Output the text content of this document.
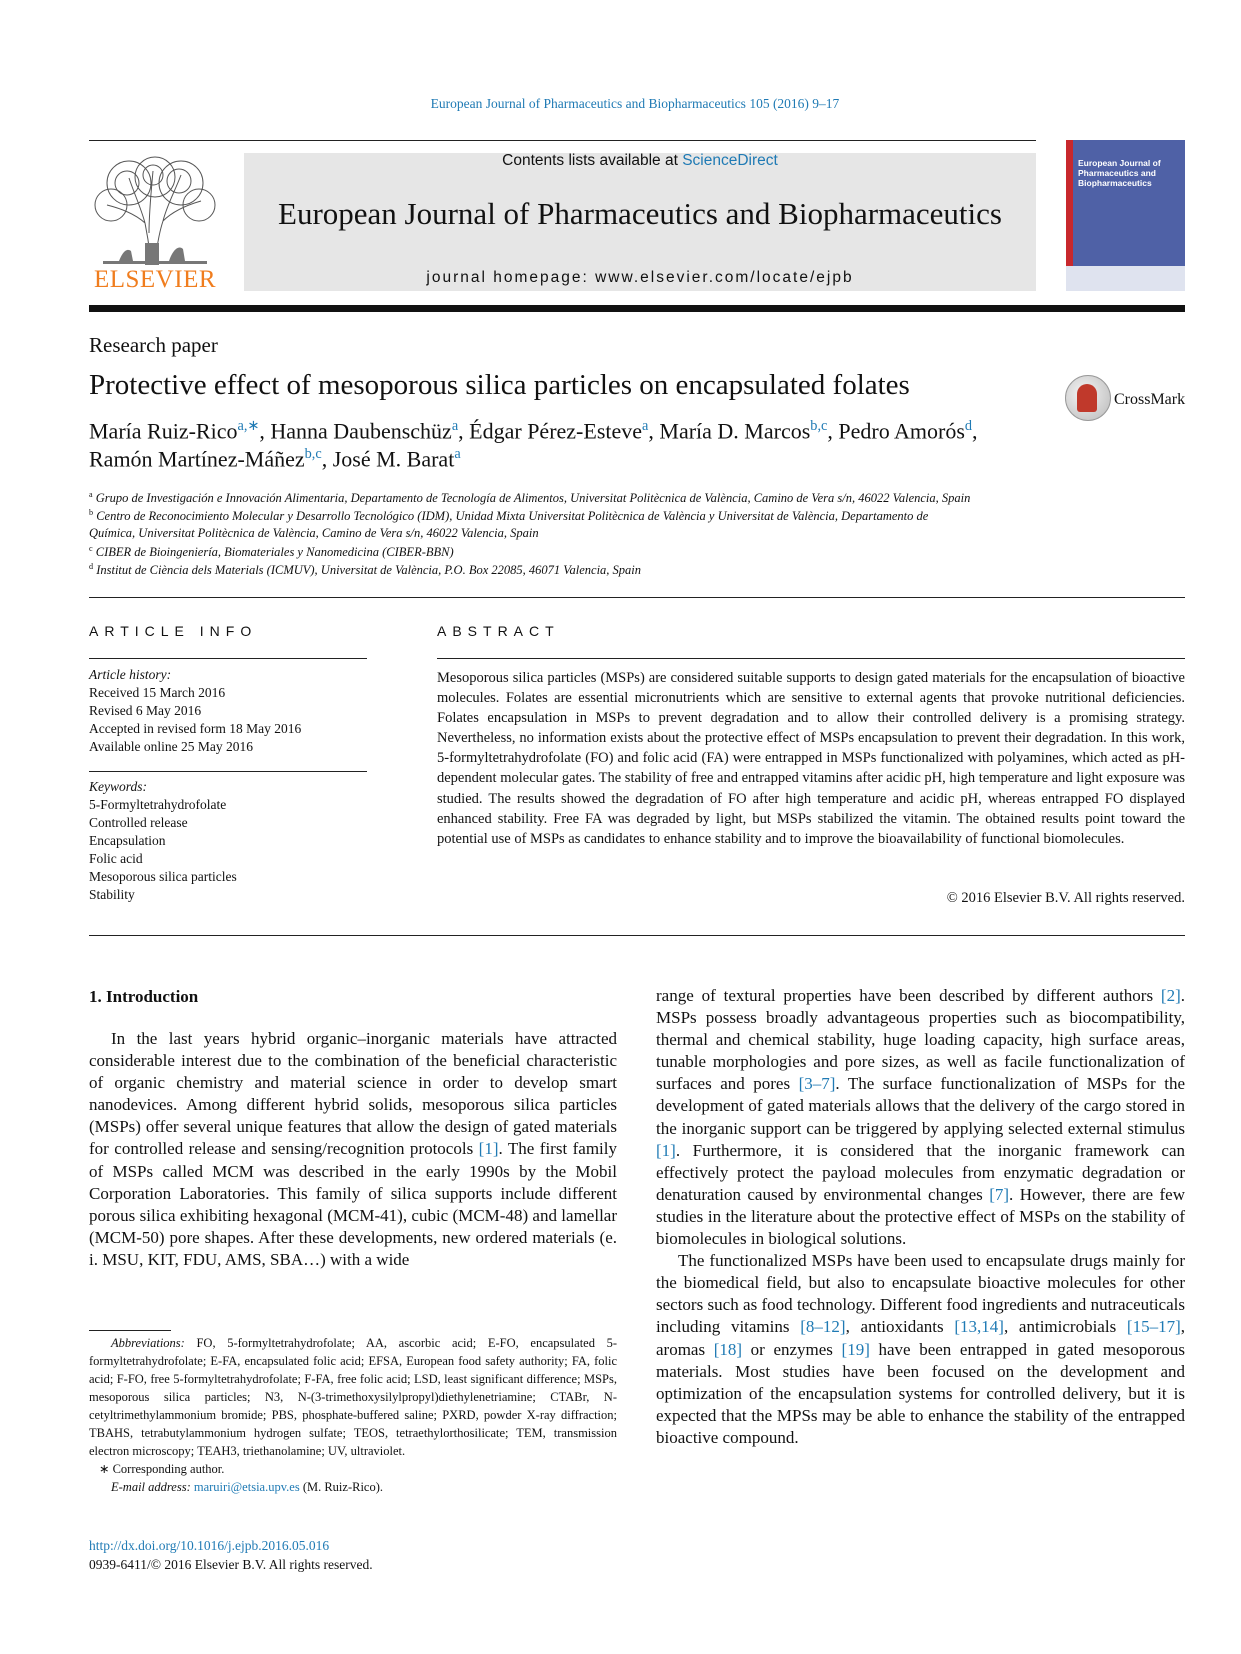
European Journal of Pharmaceutics and Biopharmaceutics 105 (2016) 9–17
ELSEVIER
Contents lists available at ScienceDirect
European Journal of Pharmaceutics and Biopharmaceutics
journal homepage: www.elsevier.com/locate/ejpb
European Journal of Pharmaceutics and Biopharmaceutics
Research paper
Protective effect of mesoporous silica particles on encapsulated folates	CrossMark
María Ruiz-Rico$^{a,∗}$, Hanna Daubenschüz$^a$, Édgar Pérez-Esteve$^a$, María D. Marcos$^{b,c}$, Pedro Amorós$^d$,
Ramón Martínez-Máñez$^{b,c}$, José M. Barat$^a$
$^a$ Grupo de Investigación e Innovación Alimentaria, Departamento de Tecnología de Alimentos, Universitat Politècnica de València, Camino de Vera s/n, 46022 Valencia, Spain
$^b$ Centro de Reconocimiento Molecular y Desarrollo Tecnológico (IDM), Unidad Mixta Universitat Politècnica de València y Universitat de València, Departamento de
Química, Universitat Politècnica de València, Camino de Vera s/n, 46022 Valencia, Spain
$^c$ CIBER de Bioingeniería, Biomateriales y Nanomedicina (CIBER-BBN)
$^d$ Institut de Ciència dels Materials (ICMUV), Universitat de València, P.O. Box 22085, 46071 Valencia, Spain
ARTICLE INFO
Article history:
Received 15 March 2016
Revised 6 May 2016
Accepted in revised form 18 May 2016
Available online 25 May 2016
Keywords:
5-Formyltetrahydrofolate
Controlled release
Encapsulation
Folic acid
Mesoporous silica particles
Stability
ABSTRACT
Mesoporous silica particles (MSPs) are considered suitable supports to design gated materials for the encapsulation of bioactive molecules. Folates are essential micronutrients which are sensitive to external agents that provoke nutritional deficiencies. Folates encapsulation in MSPs to prevent degradation and to allow their controlled delivery is a promising strategy. Nevertheless, no information exists about the protective effect of MSPs encapsulation to prevent their degradation. In this work, 5-formyltetrahydrofolate (FO) and folic acid (FA) were entrapped in MSPs functionalized with polyamines, which acted as pH-dependent molecular gates. The stability of free and entrapped vitamins after acidic pH, high temperature and light exposure was studied. The results showed the degradation of FO after high temperature and acidic pH, whereas entrapped FO displayed enhanced stability. Free FA was degraded by light, but MSPs stabilized the vitamin. The obtained results point toward the potential use of MSPs as candidates to enhance stability and to improve the bioavailability of functional biomolecules.
© 2016 Elsevier B.V. All rights reserved.
1. Introduction
In the last years hybrid organic–inorganic materials have attracted considerable interest due to the combination of the beneficial characteristic of organic chemistry and material science in order to develop smart nanodevices. Among different hybrid solids, mesoporous silica particles (MSPs) offer several unique features that allow the design of gated materials for controlled release and sensing/recognition protocols [1]. The first family of MSPs called MCM was described in the early 1990s by the Mobil Corporation Laboratories. This family of silica supports include different porous silica exhibiting hexagonal (MCM-41), cubic (MCM-48) and lamellar (MCM-50) pore shapes. After these developments, new ordered materials (e. i. MSU, KIT, FDU, AMS, SBA…) with a wide
range of textural properties have been described by different authors [2]. MSPs possess broadly advantageous properties such as biocompatibility, thermal and chemical stability, huge loading capacity, high surface areas, tunable morphologies and pore sizes, as well as facile functionalization of surfaces and pores [3–7]. The surface functionalization of MSPs for the development of gated materials allows that the delivery of the cargo stored in the inorganic support can be triggered by applying selected external stimulus [1]. Furthermore, it is considered that the inorganic framework can effectively protect the payload molecules from enzymatic degradation or denaturation caused by environmental changes [7]. However, there are few studies in the literature about the protective effect of MSPs on the stability of biomolecules in biological solutions.
The functionalized MSPs have been used to encapsulate drugs mainly for the biomedical field, but also to encapsulate bioactive molecules for other sectors such as food technology. Different food ingredients and nutraceuticals including vitamins [8–12], antioxidants [13,14], antimicrobials [15–17], aromas [18] or enzymes [19] have been entrapped in gated mesoporous materials. Most studies have been focused on the development and optimization of the encapsulation systems for controlled delivery, but it is expected that the MPSs may be able to enhance the stability of the entrapped bioactive compound.
Abbreviations: FO, 5-formyltetrahydrofolate; AA, ascorbic acid; E-FO, encapsulated 5-formyltetrahydrofolate; E-FA, encapsulated folic acid; EFSA, European food safety authority; FA, folic acid; F-FO, free 5-formyltetrahydrofolate; F-FA, free folic acid; LSD, least significant difference; MSPs, mesoporous silica particles; N3, N-(3-trimethoxysilylpropyl)diethylenetriamine; CTABr, N-cetyltrimethylammonium bromide; PBS, phosphate-buffered saline; PXRD, powder X-ray diffraction; TBAHS, tetrabutylammonium hydrogen sulfate; TEOS, tetraethylorthosilicate; TEM, transmission electron microscopy; TEAH3, triethanolamine; UV, ultraviolet.
∗ Corresponding author.
E-mail address: maruiri@etsia.upv.es (M. Ruiz-Rico).
http://dx.doi.org/10.1016/j.ejpb.2016.05.016
0939-6411/© 2016 Elsevier B.V. All rights reserved.
